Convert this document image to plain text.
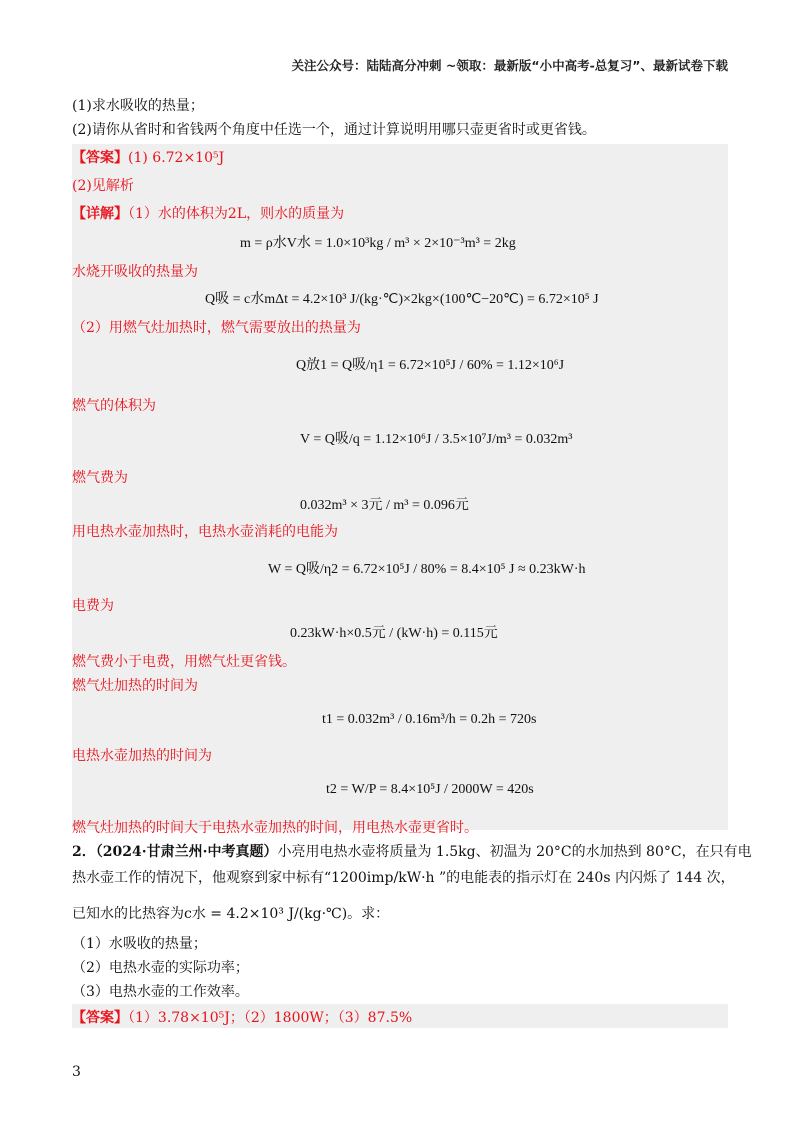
关注公众号：陆陆高分冲刺 ~领取：最新版“小中高考-总复习”、最新试卷下载
(1)求水吸收的热量；
(2)请你从省时和省钱两个角度中任选一个，通过计算说明用哪只壶更省时或更省钱。
【答案】(1) 6.72×10⁵J
(2)见解析
【详解】（1）水的体积为2L，则水的质量为
m = ρ水V水 = 1.0×10³kg / m³ × 2×10⁻³m³ = 2kg
水烧开吸收的热量为
Q吸 = c水mΔt = 4.2×10³ J/(kg·℃)×2kg×(100℃−20℃) = 6.72×10⁵ J
（2）用燃气灶加热时，燃气需要放出的热量为
Q放1 = Q吸/η1 = 6.72×10⁵J / 60% = 1.12×10⁶J
燃气的体积为
V = Q吸/q = 1.12×10⁶J / 3.5×10⁷J/m³ = 0.032m³
燃气费为
0.032m³ × 3元 / m³ = 0.096元
用电热水壶加热时，电热水壶消耗的电能为
W = Q吸/η2 = 6.72×10⁵J / 80% = 8.4×10⁵ J ≈ 0.23kW·h
电费为
0.23kW·h×0.5元 / (kW·h) = 0.115元
燃气费小于电费，用燃气灶更省钱。
燃气灶加热的时间为
t1 = 0.032m³ / 0.16m³/h = 0.2h = 720s
电热水壶加热的时间为
t2 = W/P = 8.4×10⁵J / 2000W = 420s
燃气灶加热的时间大于电热水壶加热的时间，用电热水壶更省时。
2．（2024·甘肃兰州·中考真题）小亮用电热水壶将质量为 1.5kg、初温为 20°C的水加热到 80°C，在只有电
热水壶工作的情况下，他观察到家中标有“1200imp/kW·h ”的电能表的指示灯在 240s 内闪烁了 144 次，
已知水的比热容为c水 = 4.2×10³ J/(kg·℃)。求：
（1）水吸收的热量；
（2）电热水壶的实际功率；
（3）电热水壶的工作效率。
【答案】（1）3.78×10⁵J；（2）1800W；（3）87.5%
3
